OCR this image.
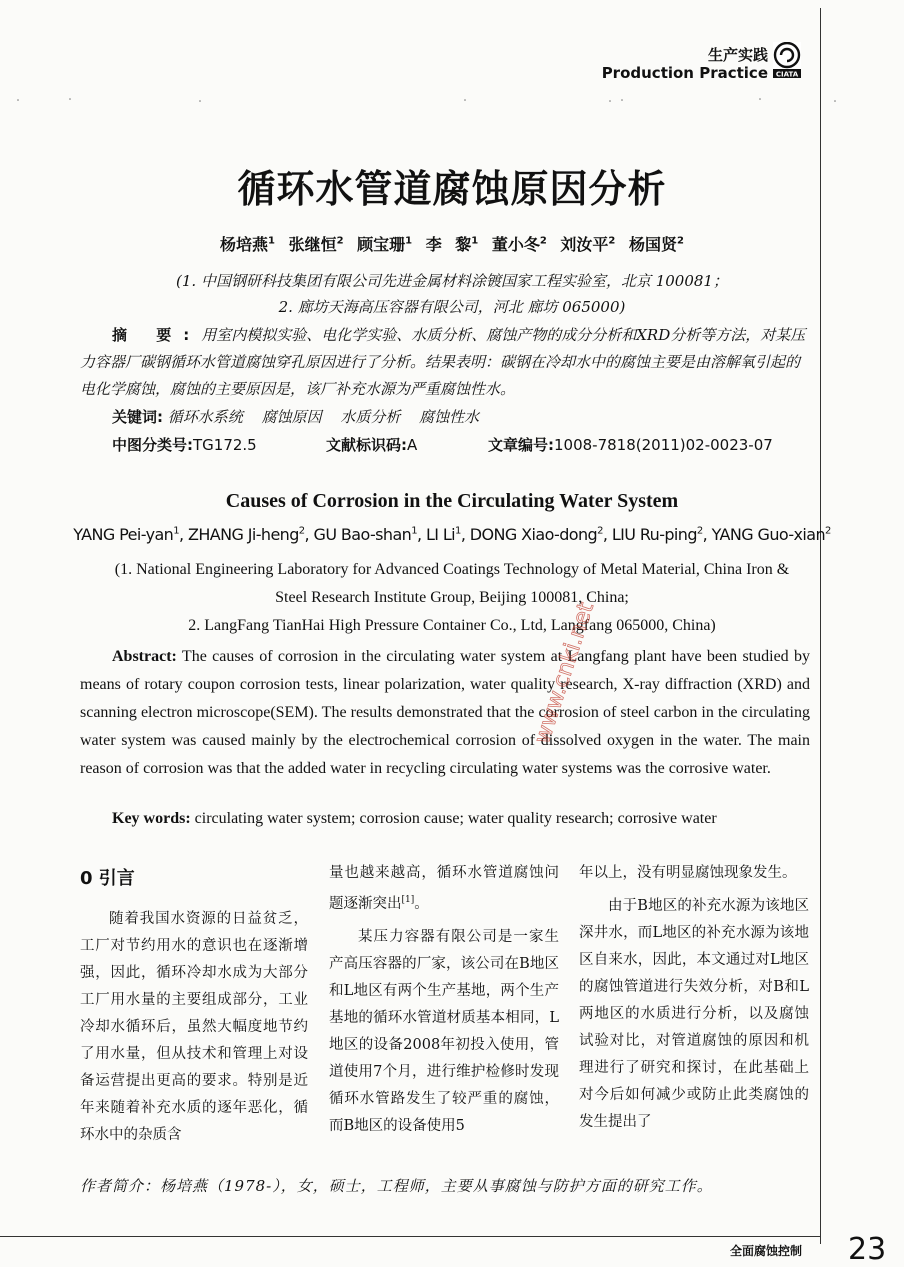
生产实践
Production Practice CIATA
循环水管道腐蚀原因分析
杨培燕$^1$ 张继恒$^2$ 顾宝珊$^1$ 李 黎$^1$ 董小冬$^2$ 刘汝平$^2$ 杨国贤$^2$
(1. 中国钢研科技集团有限公司先进金属材料涂镀国家工程实验室，北京 100081；
2. 廊坊天海高压容器有限公司，河北 廊坊 065000)
摘 要:用室内模拟实验、电化学实验、水质分析、腐蚀产物的成分分析和XRD分析等方法，对某压力容器厂碳钢循环水管道腐蚀穿孔原因进行了分析。结果表明：碳钢在冷却水中的腐蚀主要是由溶解氧引起的电化学腐蚀，腐蚀的主要原因是，该厂补充水源为严重腐蚀性水。
关键词: 循环水系统 腐蚀原因 水质分析 腐蚀性水
中图分类号:TG172.5	文献标识码:A	文章编号:1008-7818(2011)02-0023-07
Causes of Corrosion in the Circulating Water System
YANG Pei-yan$^1$, ZHANG Ji-heng$^2$, GU Bao-shan$^1$, LI Li$^1$, DONG Xiao-dong$^2$, LIU Ru-ping$^2$, YANG Guo-xian$^2$
(1. National Engineering Laboratory for Advanced Coatings Technology of Metal Material, China Iron &
Steel Research Institute Group, Beijing 100081, China;
2. LangFang TianHai High Pressure Container Co., Ltd, Langfang 065000, China)
Abstract: The causes of corrosion in the circulating water system at Langfang plant have been studied by means of rotary coupon corrosion tests, linear polarization, water quality research, X-ray diffraction (XRD) and scanning electron microscope(SEM). The results demonstrated that the corrosion of steel carbon in the circulating water system was caused mainly by the electrochemical corrosion of dissolved oxygen in the water. The main reason of corrosion was that the added water in recycling circulating water systems was the corrosive water.
Key words: circulating water system; corrosion cause; water quality research; corrosive water
0 引言

随着我国水资源的日益贫乏，工厂对节约用水的意识也在逐渐增强，因此，循环冷却水成为大部分工厂用水量的主要组成部分，工业冷却水循环后，虽然大幅度地节约了用水量，但从技术和管理上对设备运营提出更高的要求。特别是近年来随着补充水质的逐年恶化，循环水中的杂质含

量也越来越高，循环水管道腐蚀问题逐渐突出[1]。

某压力容器有限公司是一家生产高压容器的厂家，该公司在B地区和L地区有两个生产基地，两个生产基地的循环水管道材质基本相同，L地区的设备2008年初投入使用，管道使用7个月，进行维护检修时发现循环水管路发生了较严重的腐蚀，而B地区的设备使用5

年以上，没有明显腐蚀现象发生。

由于B地区的补充水源为该地区深井水，而L地区的补充水源为该地区自来水，因此，本文通过对L地区的腐蚀管道进行失效分析，对B和L两地区的水质进行分析，以及腐蚀试验对比，对管道腐蚀的原因和机理进行了研究和探讨，在此基础上对今后如何减少或防止此类腐蚀的发生提出了

作者简介：杨培燕（1978-），女，硕士，工程师，主要从事腐蚀与防护方面的研究工作。
全面腐蚀控制 23
www.cnki.net
